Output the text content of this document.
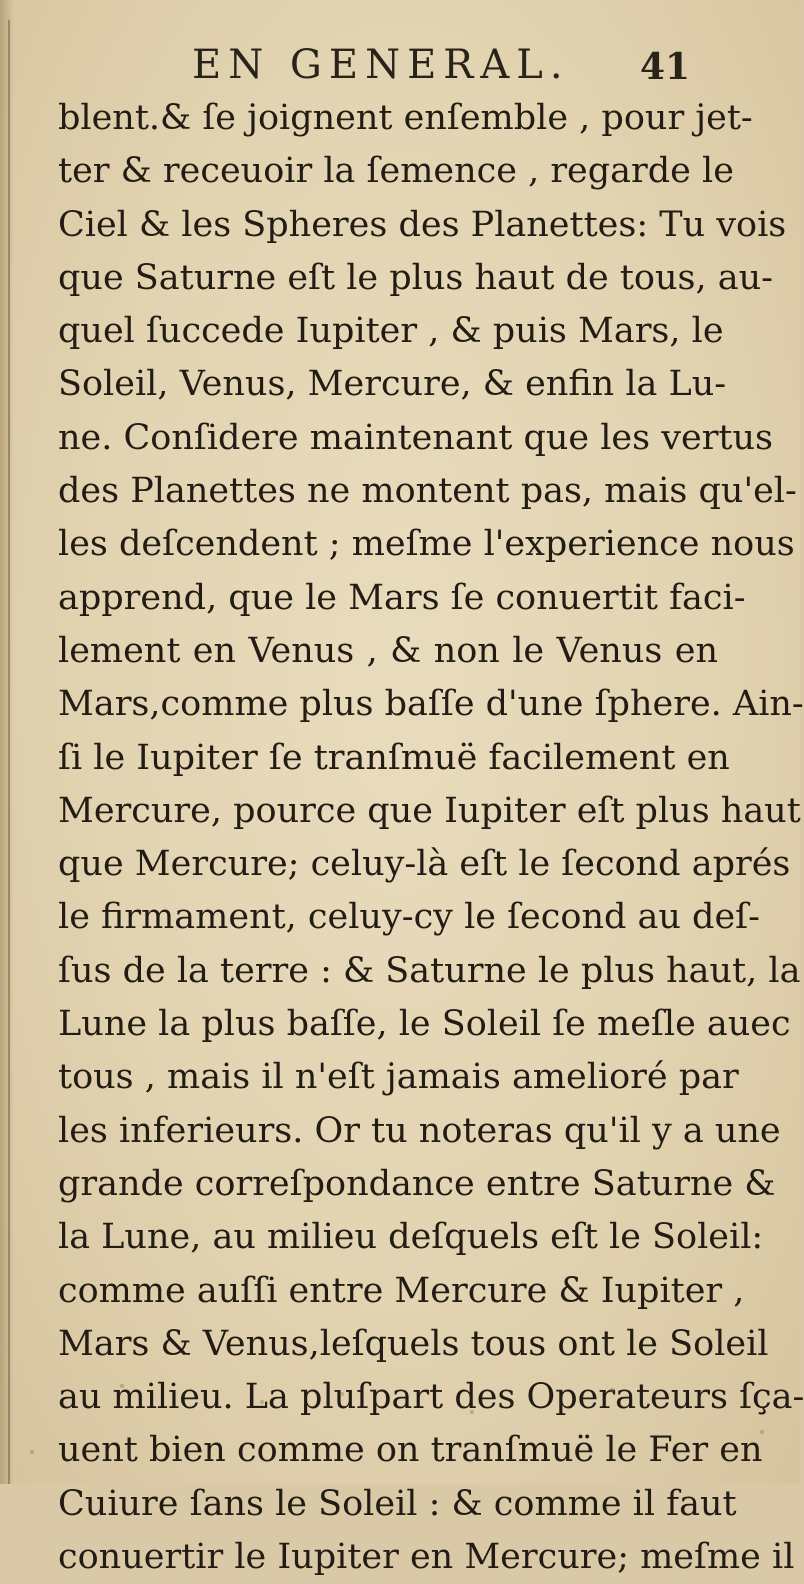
EN GENERAL. 41
blent.& ſe joignent enſemble , pour jet-
ter & receuoir la ſemence , regarde le
Ciel & les Spheres des Planettes: Tu vois
que Saturne eſt le plus haut de tous, au-
quel ſuccede Iupiter , & puis Mars, le
Soleil, Venus, Mercure, & enfin la Lu-
ne. Conſidere maintenant que les vertus
des Planettes ne montent pas, mais qu'el-
les deſcendent ; meſme l'experience nous
apprend, que le Mars ſe conuertit faci-
lement en Venus , & non le Venus en
Mars,comme plus baſſe d'une ſphere. Ain-
ſi le Iupiter ſe tranſmuë facilement en
Mercure, pource que Iupiter eſt plus haut
que Mercure; celuy-là eſt le ſecond aprés
le firmament, celuy-cy le ſecond au deſ-
ſus de la terre : & Saturne le plus haut, la
Lune la plus baſſe, le Soleil ſe meſle auec
tous , mais il n'eſt jamais amelioré par
les inferieurs. Or tu noteras qu'il y a une
grande correſpondance entre Saturne &
la Lune, au milieu deſquels eſt le Soleil:
comme auſſi entre Mercure & Iupiter ,
Mars & Venus,leſquels tous ont le Soleil
au milieu. La pluſpart des Operateurs ſça-
uent bien comme on tranſmuë le Fer en
Cuiure ſans le Soleil : & comme il faut
conuertir le Iupiter en Mercure; meſme il
